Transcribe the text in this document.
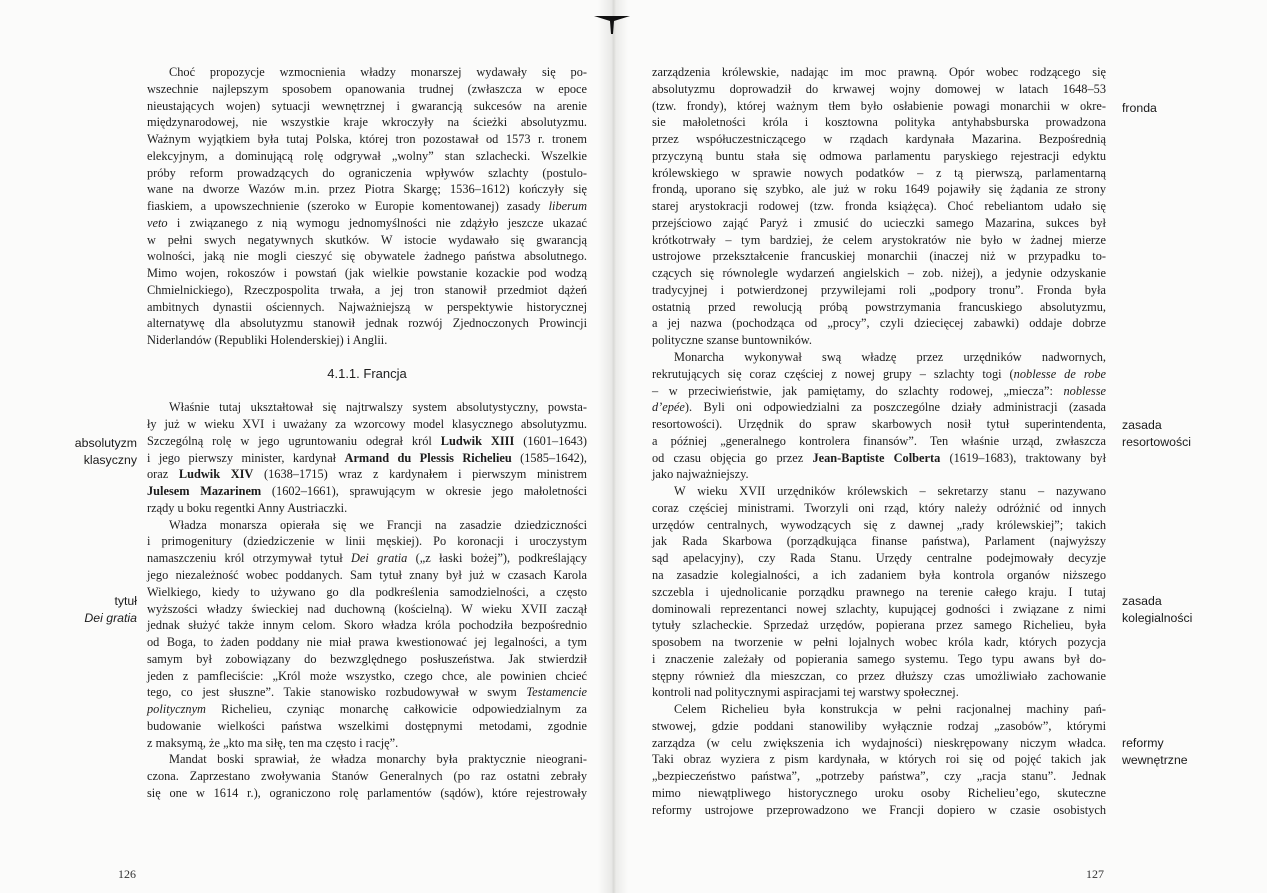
Choć propozycje wzmocnienia władzy monarszej wydawały się po-
wszechnie najlepszym sposobem opanowania trudnej (zwłaszcza w epoce
nieustających wojen) sytuacji wewnętrznej i gwarancją sukcesów na arenie
międzynarodowej, nie wszystkie kraje wkroczyły na ścieżki absolutyzmu.
Ważnym wyjątkiem była tutaj Polska, której tron pozostawał od 1573 r. tronem
elekcyjnym, a dominującą rolę odgrywał „wolny” stan szlachecki. Wszelkie
próby reform prowadzących do ograniczenia wpływów szlachty (postulo-
wane na dworze Wazów m.in. przez Piotra Skargę; 1536–1612) kończyły się
fiaskiem, a upowszechnienie (szeroko w Europie komentowanej) zasady liberum
veto i związanego z nią wymogu jednomyślności nie zdążyło jeszcze ukazać
w pełni swych negatywnych skutków. W istocie wydawało się gwarancją
wolności, jaką nie mogli cieszyć się obywatele żadnego państwa absolutnego.
Mimo wojen, rokoszów i powstań (jak wielkie powstanie kozackie pod wodzą
Chmielnickiego), Rzeczpospolita trwała, a jej tron stanowił przedmiot dążeń
ambitnych dynastii ościennych. Najważniejszą w perspektywie historycznej
alternatywę dla absolutyzmu stanowił jednak rozwój Zjednoczonych Prowincji
Niderlandów (Republiki Holenderskiej) i Anglii.
4.1.1. Francja
Właśnie tutaj ukształtował się najtrwalszy system absolutystyczny, powsta-
ły już w wieku XVI i uważany za wzorcowy model klasycznego absolutyzmu.
Szczególną rolę w jego ugruntowaniu odegrał król Ludwik XIII (1601–1643)
i jego pierwszy minister, kardynał Armand du Plessis Richelieu (1585–1642),
oraz Ludwik XIV (1638–1715) wraz z kardynałem i pierwszym ministrem
Julesem Mazarinem (1602–1661), sprawującym w okresie jego małoletności
rządy u boku regentki Anny Austriaczki.
Władza monarsza opierała się we Francji na zasadzie dziedziczności
i primogenitury (dziedziczenie w linii męskiej). Po koronacji i uroczystym
namaszczeniu król otrzymywał tytuł Dei gratia („z łaski bożej”), podkreślający
jego niezależność wobec poddanych. Sam tytuł znany był już w czasach Karola
Wielkiego, kiedy to używano go dla podkreślenia samodzielności, a często
wyższości władzy świeckiej nad duchowną (kościelną). W wieku XVII zaczął
jednak służyć także innym celom. Skoro władza króla pochodziła bezpośrednio
od Boga, to żaden poddany nie miał prawa kwestionować jej legalności, a tym
samym był zobowiązany do bezwzględnego posłuszeństwa. Jak stwierdził
jeden z pamfleciście: „Król może wszystko, czego chce, ale powinien chcieć
tego, co jest słuszne”. Takie stanowisko rozbudowywał w swym Testamencie
politycznym Richelieu, czyniąc monarchę całkowicie odpowiedzialnym za
budowanie wielkości państwa wszelkimi dostępnymi metodami, zgodnie
z maksymą, że „kto ma siłę, ten ma często i rację”.
Mandat boski sprawiał, że władza monarchy była praktycznie nieograni-
czona. Zaprzestano zwoływania Stanów Generalnych (po raz ostatni zebrały
się one w 1614 r.), ograniczono rolę parlamentów (sądów), które rejestrowały
absolutyzm
klasyczny
tytuł
Dei gratia
126
zarządzenia królewskie, nadając im moc prawną. Opór wobec rodzącego się
absolutyzmu doprowadził do krwawej wojny domowej w latach 1648–53
(tzw. frondy), której ważnym tłem było osłabienie powagi monarchii w okre-
sie małoletności króla i kosztowna polityka antyhabsburska prowadzona
przez współuczestniczącego w rządach kardynała Mazarina. Bezpośrednią
przyczyną buntu stała się odmowa parlamentu paryskiego rejestracji edyktu
królewskiego w sprawie nowych podatków – z tą pierwszą, parlamentarną
frondą, uporano się szybko, ale już w roku 1649 pojawiły się żądania ze strony
starej arystokracji rodowej (tzw. fronda książęca). Choć rebeliantom udało się
przejściowo zająć Paryż i zmusić do ucieczki samego Mazarina, sukces był
krótkotrwały – tym bardziej, że celem arystokratów nie było w żadnej mierze
ustrojowe przekształcenie francuskiej monarchii (inaczej niż w przypadku to-
czących się równolegle wydarzeń angielskich – zob. niżej), a jedynie odzyskanie
tradycyjnej i potwierdzonej przywilejami roli „podpory tronu”. Fronda była
ostatnią przed rewolucją próbą powstrzymania francuskiego absolutyzmu,
a jej nazwa (pochodząca od „procy”, czyli dziecięcej zabawki) oddaje dobrze
polityczne szanse buntowników.
Monarcha wykonywał swą władzę przez urzędników nadwornych,
rekrutujących się coraz częściej z nowej grupy – szlachty togi (noblesse de robe
– w przeciwieństwie, jak pamiętamy, do szlachty rodowej, „miecza”: noblesse
d’epée). Byli oni odpowiedzialni za poszczególne działy administracji (zasada
resortowości). Urzędnik do spraw skarbowych nosił tytuł superintendenta,
a później „generalnego kontrolera finansów”. Ten właśnie urząd, zwłaszcza
od czasu objęcia go przez Jean-Baptiste Colberta (1619–1683), traktowany był
jako najważniejszy.
W wieku XVII urzędników królewskich – sekretarzy stanu – nazywano
coraz częściej ministrami. Tworzyli oni rząd, który należy odróżnić od innych
urzędów centralnych, wywodzących się z dawnej „rady królewskiej”; takich
jak Rada Skarbowa (porządkująca finanse państwa), Parlament (najwyższy
sąd apelacyjny), czy Rada Stanu. Urzędy centralne podejmowały decyzje
na zasadzie kolegialności, a ich zadaniem była kontrola organów niższego
szczebla i ujednolicanie porządku prawnego na terenie całego kraju. I tutaj
dominowali reprezentanci nowej szlachty, kupującej godności i związane z nimi
tytuły szlacheckie. Sprzedaż urzędów, popierana przez samego Richelieu, była
sposobem na tworzenie w pełni lojalnych wobec króla kadr, których pozycja
i znaczenie zależały od popierania samego systemu. Tego typu awans był do-
stępny również dla mieszczan, co przez dłuższy czas umożliwiało zachowanie
kontroli nad politycznymi aspiracjami tej warstwy społecznej.
Celem Richelieu była konstrukcja w pełni racjonalnej machiny pań-
stwowej, gdzie poddani stanowiliby wyłącznie rodzaj „zasobów”, którymi
zarządza (w celu zwiększenia ich wydajności) nieskrępowany niczym władca.
Taki obraz wyziera z pism kardynała, w których roi się od pojęć takich jak
„bezpieczeństwo państwa”, „potrzeby państwa”, czy „racja stanu”. Jednak
mimo niewątpliwego historycznego uroku osoby Richelieu’ego, skuteczne
reformy ustrojowe przeprowadzono we Francji dopiero w czasie osobistych
fronda
zasada
resortowości
zasada
kolegialności
reformy
wewnętrzne
127
